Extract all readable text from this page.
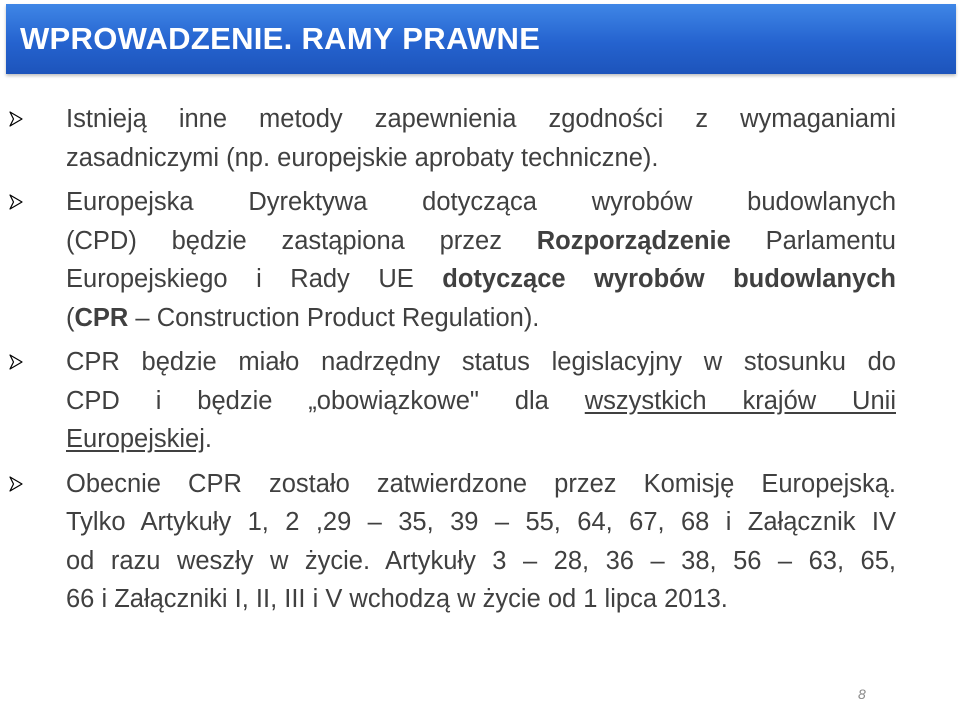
WPROWADZENIE. RAMY PRAWNE

Istnieją inne metody zapewnienia zgodności z wymaganiami

zasadniczymi (np. europejskie aprobaty techniczne).

Europejska Dyrektywa dotycząca wyrobów budowlanych

(CPD) będzie zastąpiona przez Rozporządzenie Parlamentu

Europejskiego i Rady UE dotyczące wyrobów budowlanych

(CPR – Construction Product Regulation).

CPR będzie miało nadrzędny status legislacyjny w stosunku do

CPD i będzie „obowiązkowe" dla wszystkich krajów Unii

Europejskiej.

Obecnie CPR zostało zatwierdzone przez Komisję Europejską.

Tylko Artykuły 1, 2 ,29 – 35, 39 – 55, 64, 67, 68 i Załącznik IV

od razu weszły w życie. Artykuły 3 – 28, 36 – 38, 56 – 63, 65,

66 i Załączniki I, II, III i V wchodzą w życie od 1 lipca 2013.

8
